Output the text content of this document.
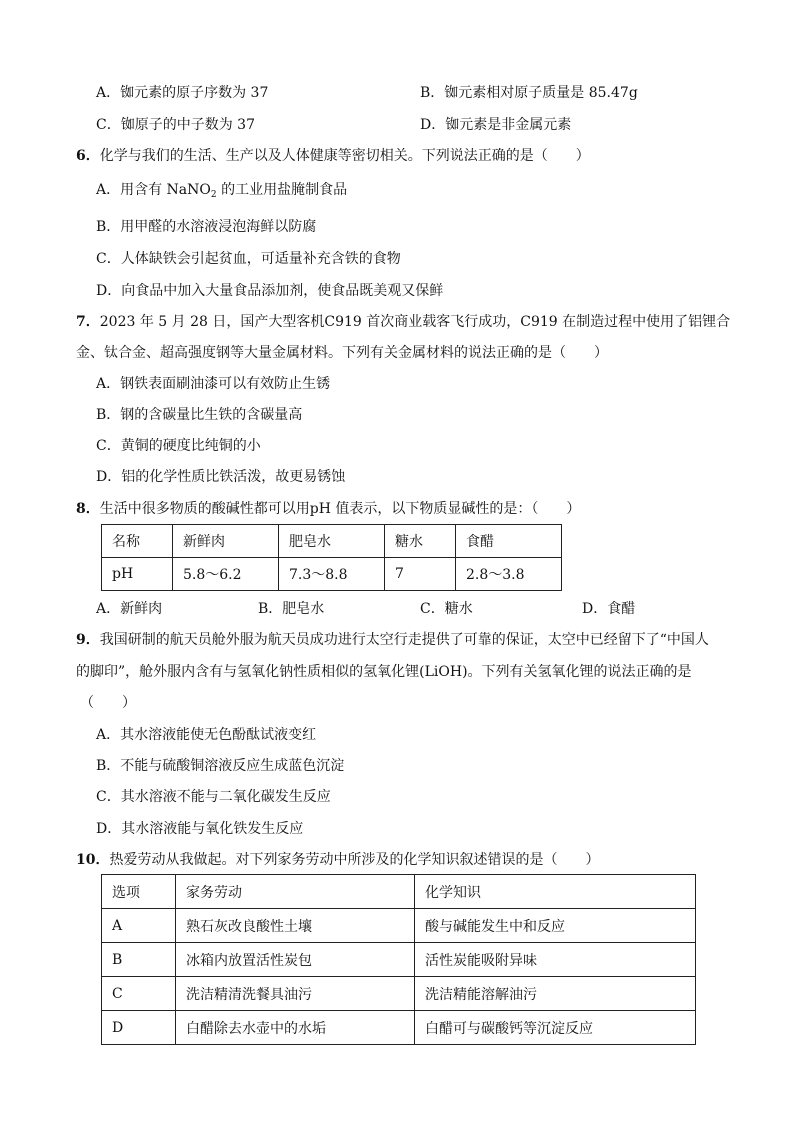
A．铷元素的原子序数为 37	B．铷元素相对原子质量是 85.47g
C．铷原子的中子数为 37	D．铷元素是非金属元素
6．化学与我们的生活、生产以及人体健康等密切相关。下列说法正确的是（　　）
A．用含有 NaNO$_2$ 的工业用盐腌制食品
B．用甲醛的水溶液浸泡海鲜以防腐
C．人体缺铁会引起贫血，可适量补充含铁的食物
D．向食品中加入大量食品添加剂，使食品既美观又保鲜
7．2023 年 5 月 28 日，国产大型客机C919 首次商业载客飞行成功，C919 在制造过程中使用了铝锂合
金、钛合金、超高强度钢等大量金属材料。下列有关金属材料的说法正确的是（　　）
A．钢铁表面刷油漆可以有效防止生锈
B．钢的含碳量比生铁的含碳量高
C．黄铜的硬度比纯铜的小
D．铝的化学性质比铁活泼，故更易锈蚀
8．生活中很多物质的酸碱性都可以用pH 值表示，以下物质显碱性的是：（　　）
名称	新鲜肉	肥皂水	糖水	食醋
pH	5.8～6.2	7.3～8.8	7	2.8～3.8
A．新鲜肉	B．肥皂水	C．糖水	D．食醋
9．我国研制的航天员舱外服为航天员成功进行太空行走提供了可靠的保证，太空中已经留下了“中国人
的脚印”，舱外服内含有与氢氧化钠性质相似的氢氧化锂(LiOH)。下列有关氢氧化锂的说法正确的是
（　　）
A．其水溶液能使无色酚酞试液变红
B．不能与硫酸铜溶液反应生成蓝色沉淀
C．其水溶液不能与二氧化碳发生反应
D．其水溶液能与氧化铁发生反应
10．热爱劳动从我做起。对下列家务劳动中所涉及的化学知识叙述错误的是（　　）
选项	家务劳动	化学知识
A	熟石灰改良酸性土壤	酸与碱能发生中和反应
B	冰箱内放置活性炭包	活性炭能吸附异味
C	洗洁精清洗餐具油污	洗洁精能溶解油污
D	白醋除去水壶中的水垢	白醋可与碳酸钙等沉淀反应
